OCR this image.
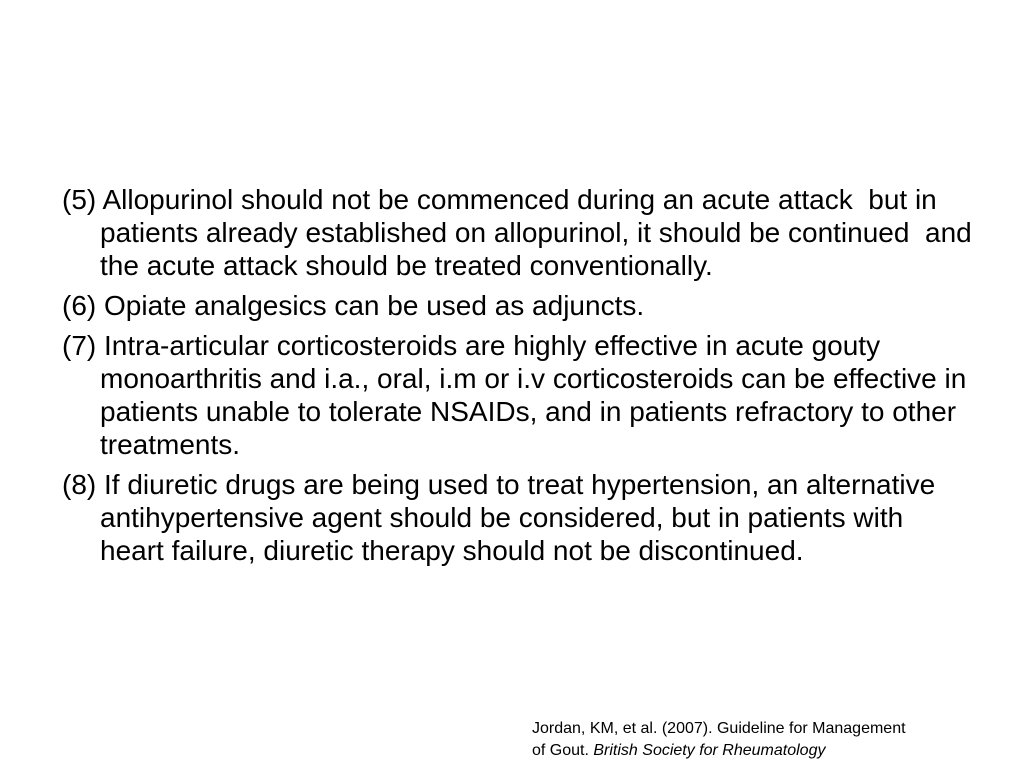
(5) Allopurinol should not be commenced during an acute attack  but in patients already established on allopurinol, it should be continued  and the acute attack should be treated conventionally.
(6) Opiate analgesics can be used as adjuncts.
(7) Intra-articular corticosteroids are highly effective in acute gouty monoarthritis and i.a., oral, i.m or i.v corticosteroids can be effective in patients unable to tolerate NSAIDs, and in patients refractory to other treatments.
(8) If diuretic drugs are being used to treat hypertension, an alternative antihypertensive agent should be considered, but in patients with heart failure, diuretic therapy should not be discontinued.
Jordan, KM, et al. (2007). Guideline for Management
of Gout. British Society for Rheumatology
